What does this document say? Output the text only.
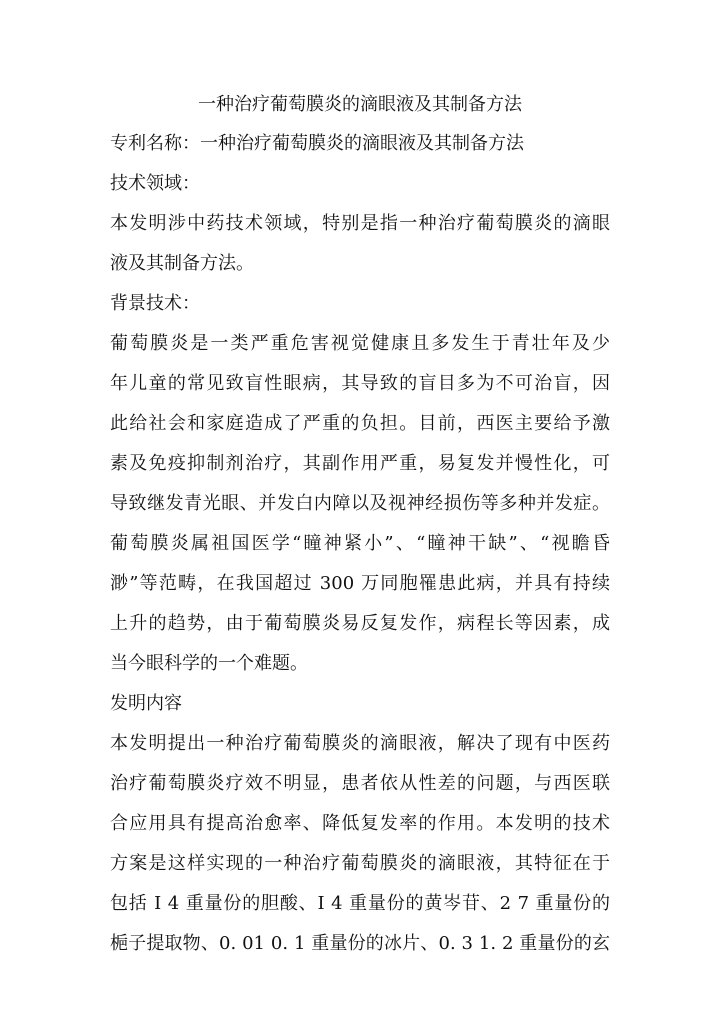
一种治疗葡萄膜炎的滴眼液及其制备方法
专利名称：一种治疗葡萄膜炎的滴眼液及其制备方法
技术领域：
本发明涉中药技术领域，特别是指一种治疗葡萄膜炎的滴眼
液及其制备方法。
背景技术：
葡萄膜炎是一类严重危害视觉健康且多发生于青壮年及少
年儿童的常见致盲性眼病，其导致的盲目多为不可治盲，因
此给社会和家庭造成了严重的负担。目前，西医主要给予激
素及免疫抑制剂治疗，其副作用严重，易复发并慢性化，可
导致继发青光眼、并发白内障以及视神经损伤等多种并发症。
葡萄膜炎属祖国医学“瞳神紧小”、“瞳神干缺”、“视瞻昏
渺”等范畴，在我国超过 300 万同胞罹患此病，并具有持续
上升的趋势，由于葡萄膜炎易反复发作，病程长等因素，成
当今眼科学的一个难题。
发明内容
本发明提出一种治疗葡萄膜炎的滴眼液，解决了现有中医药
治疗葡萄膜炎疗效不明显，患者依从性差的问题，与西医联
合应用具有提高治愈率、降低复发率的作用。本发明的技术
方案是这样实现的一种治疗葡萄膜炎的滴眼液，其特征在于
包括 I 4 重量份的胆酸、I 4 重量份的黄岑苷、2 7 重量份的
梔子提取物、0. 01 0. 1 重量份的冰片、0. 3 1. 2 重量份的玄
